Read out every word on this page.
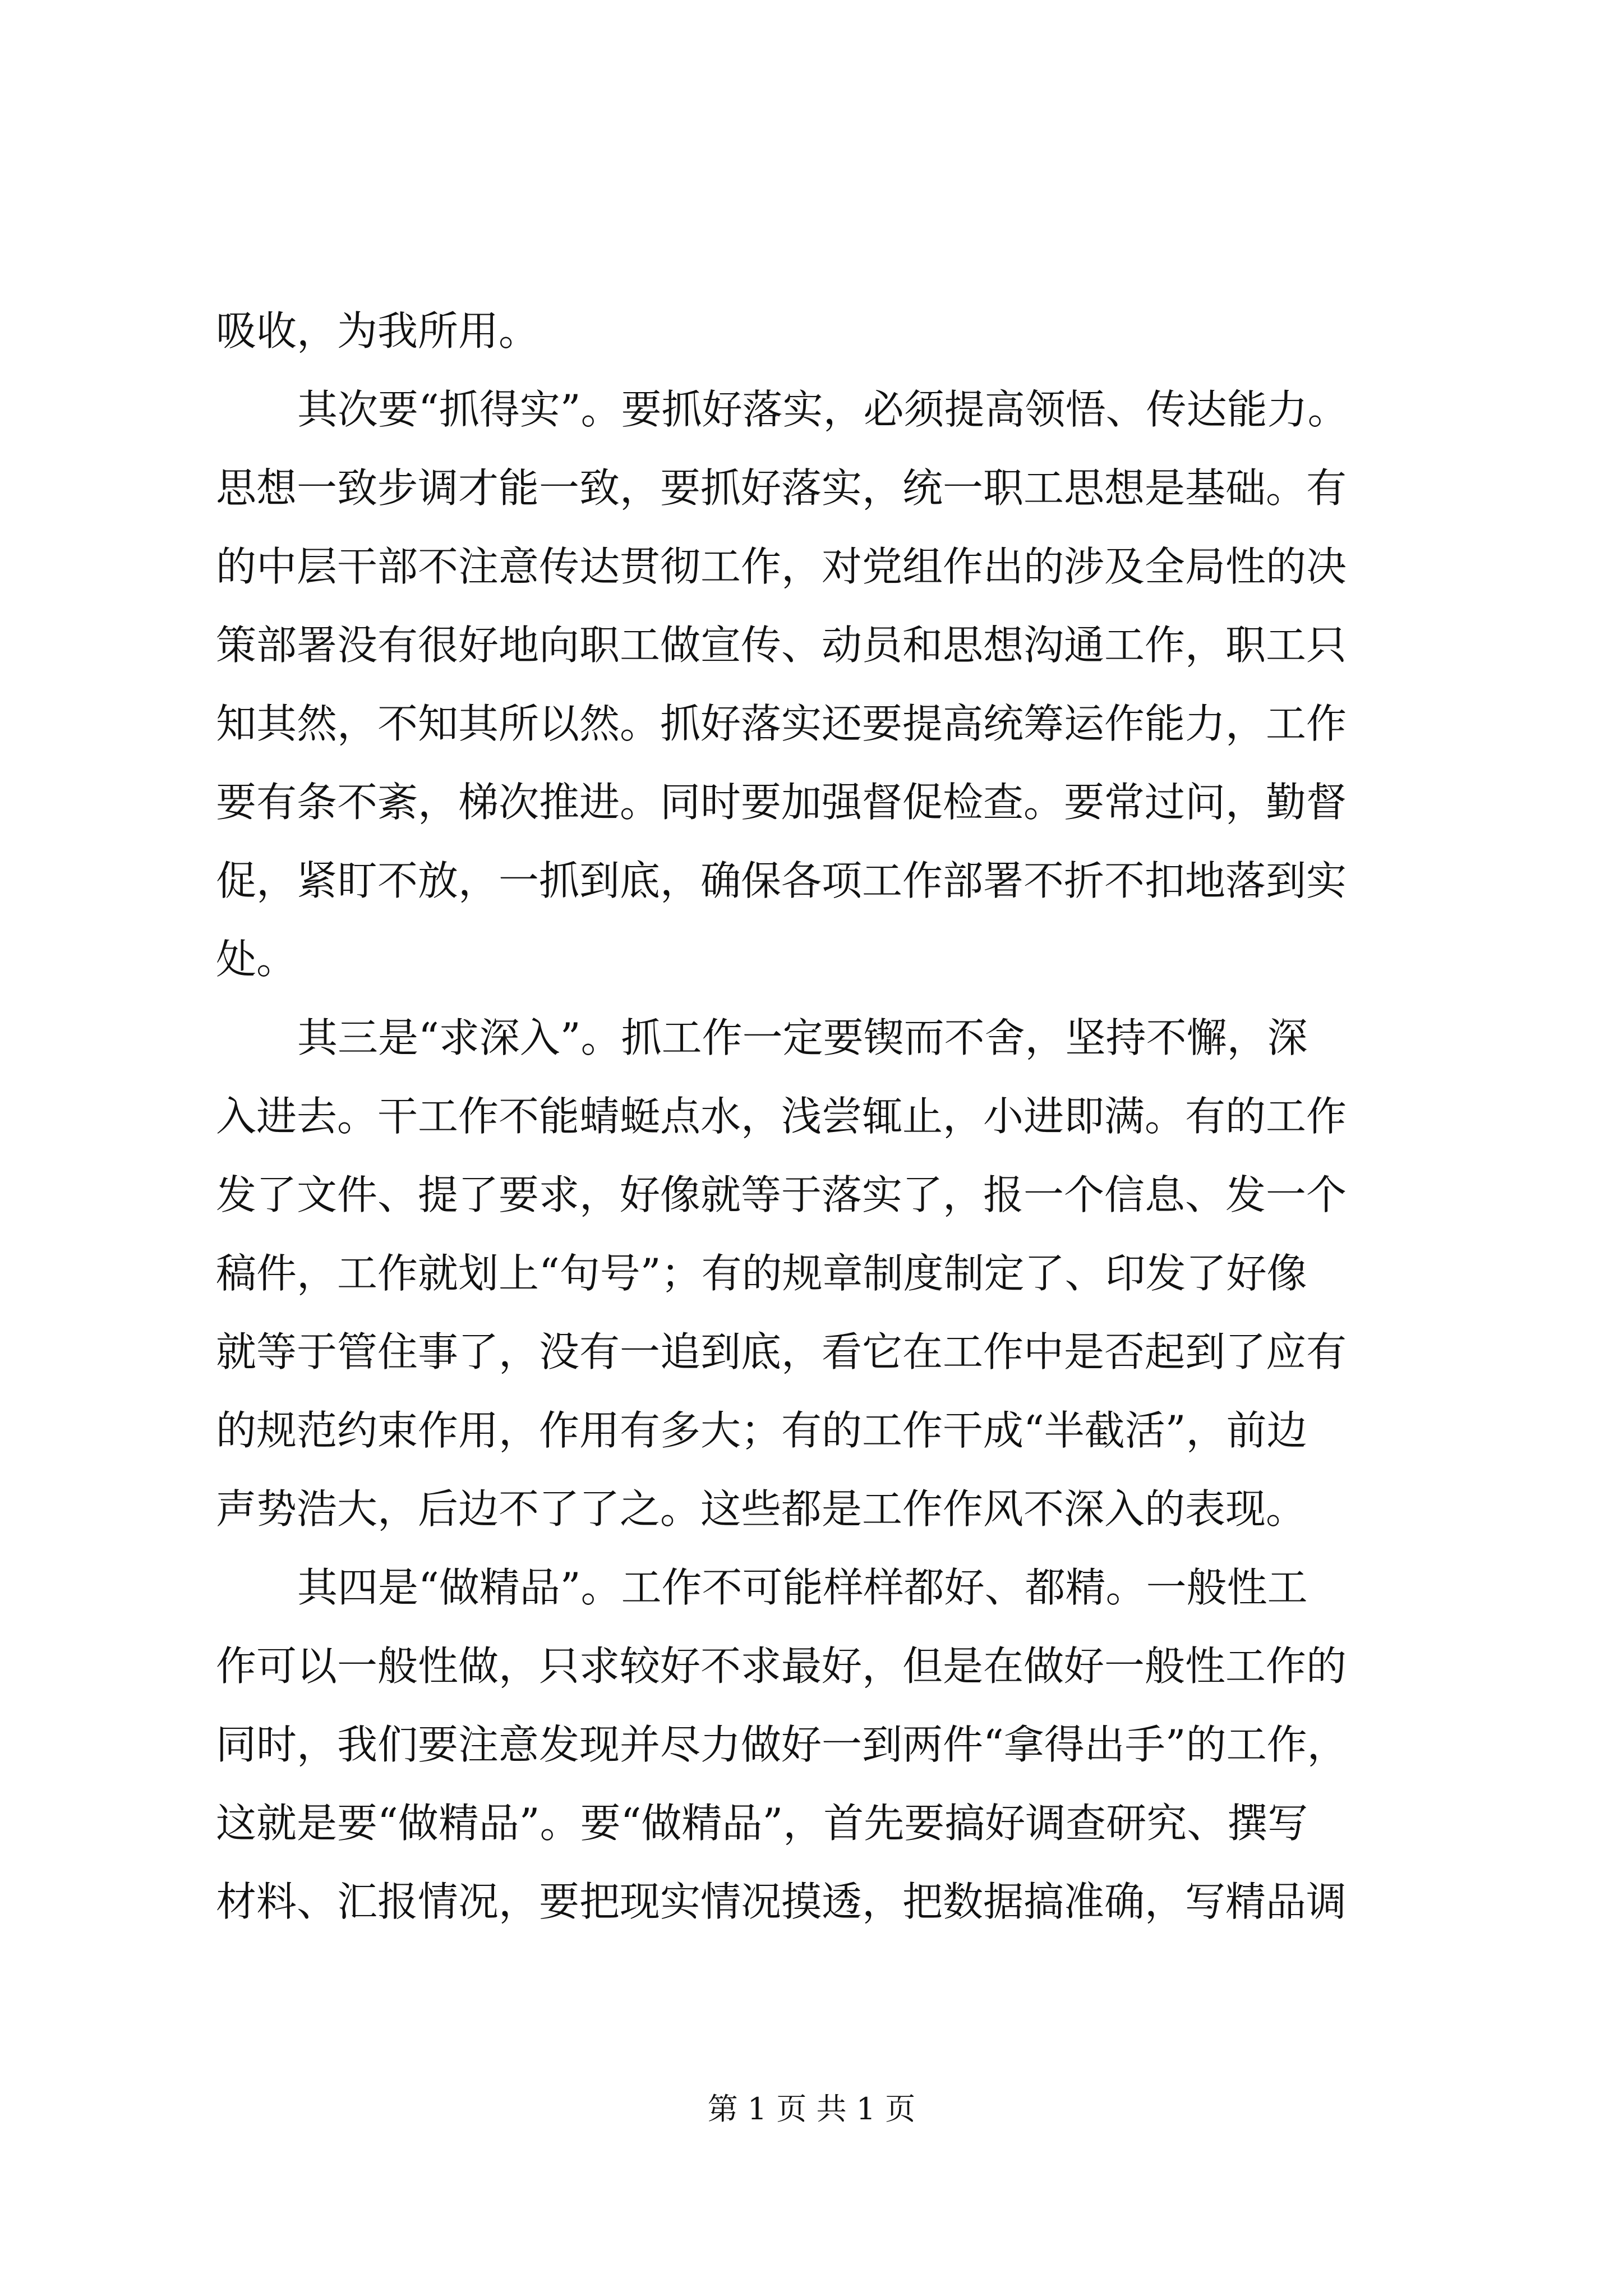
吸收，为我所用。
其次要“抓得实”。要抓好落实，必须提高领悟、传达能力。
思想一致步调才能一致，要抓好落实，统一职工思想是基础。有
的中层干部不注意传达贯彻工作，对党组作出的涉及全局性的决
策部署没有很好地向职工做宣传、动员和思想沟通工作，职工只
知其然，不知其所以然。抓好落实还要提高统筹运作能力，工作
要有条不紊，梯次推进。同时要加强督促检查。要常过问，勤督
促，紧盯不放，一抓到底，确保各项工作部署不折不扣地落到实
处。
其三是“求深入”。抓工作一定要锲而不舍，坚持不懈，深
入进去。干工作不能蜻蜓点水，浅尝辄止，小进即满。有的工作
发了文件、提了要求，好像就等于落实了，报一个信息、发一个
稿件，工作就划上“句号”；有的规章制度制定了、印发了好像
就等于管住事了，没有一追到底，看它在工作中是否起到了应有
的规范约束作用，作用有多大；有的工作干成“半截活”，前边
声势浩大，后边不了了之。这些都是工作作风不深入的表现。
其四是“做精品”。工作不可能样样都好、都精。一般性工
作可以一般性做，只求较好不求最好，但是在做好一般性工作的
同时，我们要注意发现并尽力做好一到两件“拿得出手”的工作，
这就是要“做精品”。要“做精品”，首先要搞好调查研究、撰写
材料、汇报情况，要把现实情况摸透，把数据搞准确，写精品调
第 1 页 共 1 页
